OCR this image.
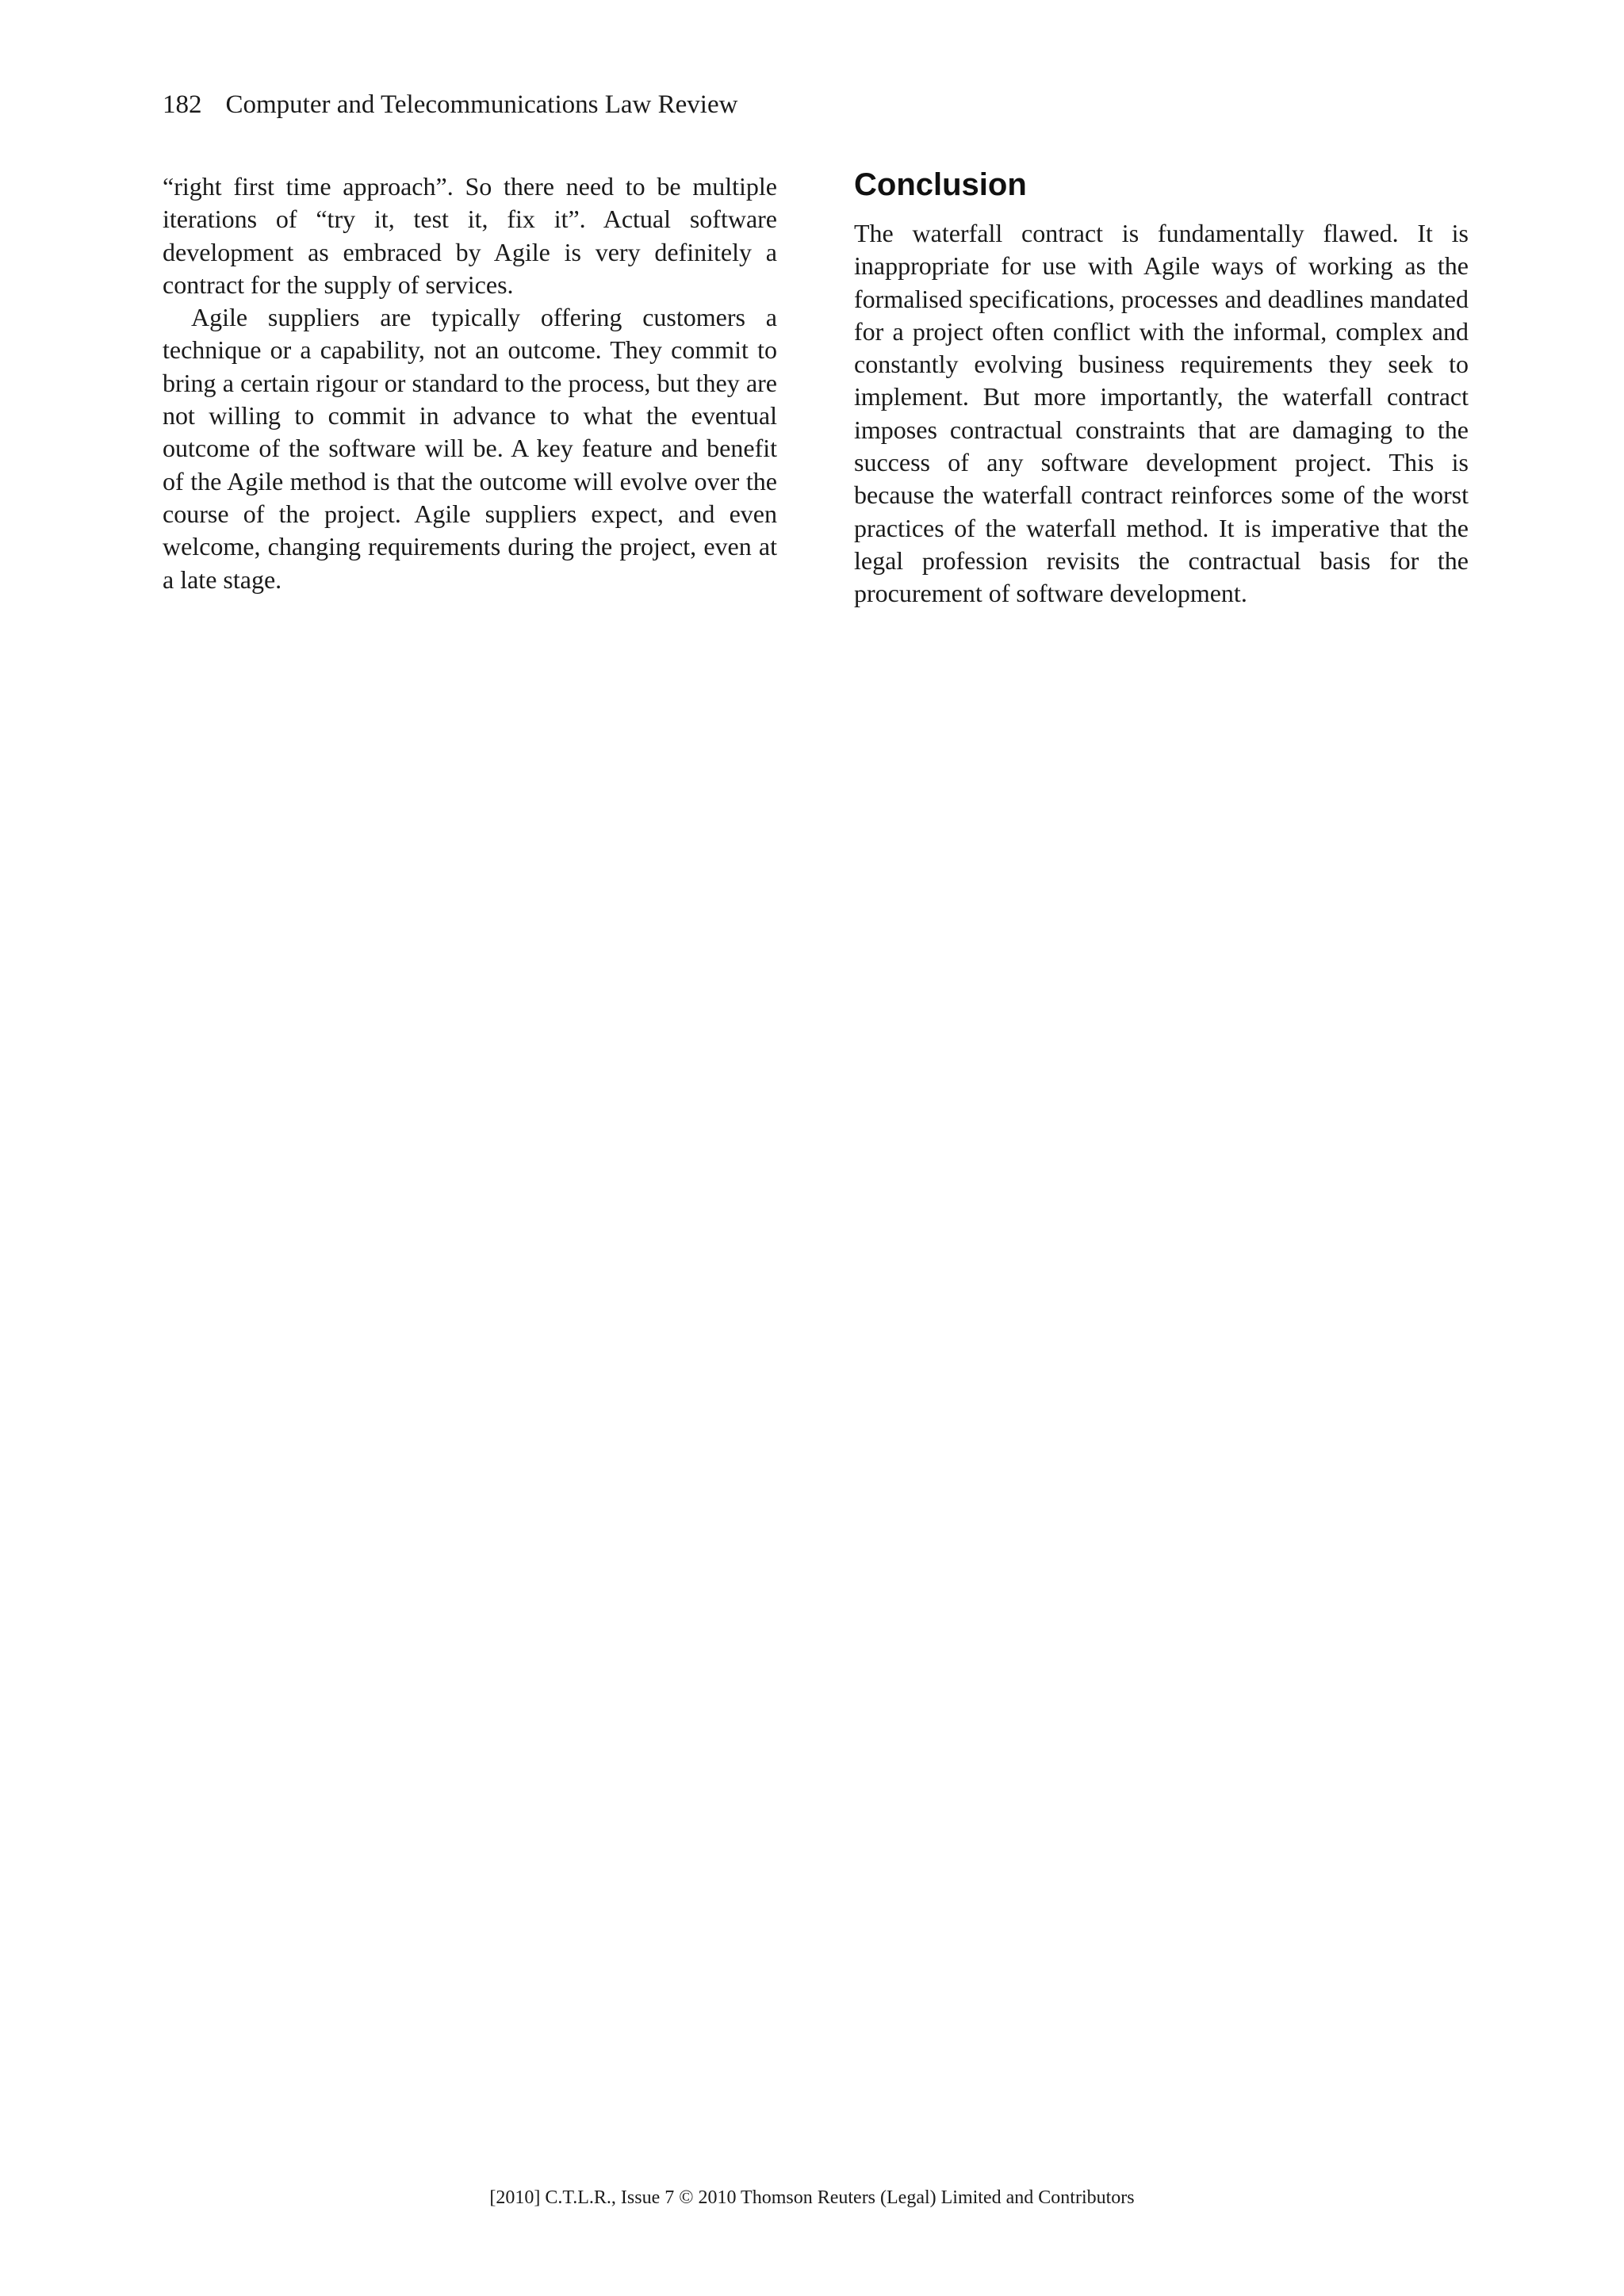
182 Computer and Telecommunications Law Review

“right first time approach”. So there need to be multiple iterations of “try it, test it, fix it”. Actual software development as embraced by Agile is very definitely a contract for the supply of services.

Agile suppliers are typically offering customers a technique or a capability, not an outcome. They commit to bring a certain rigour or standard to the process, but they are not willing to commit in advance to what the eventual outcome of the software will be. A key feature and benefit of the Agile method is that the outcome will evolve over the course of the project. Agile suppliers expect, and even welcome, changing requirements during the project, even at a late stage.

Conclusion

The waterfall contract is fundamentally flawed. It is inappropriate for use with Agile ways of working as the formalised specifications, processes and deadlines mandated for a project often conflict with the informal, complex and constantly evolving business requirements they seek to implement. But more importantly, the waterfall contract imposes contractual constraints that are damaging to the success of any software development project. This is because the waterfall contract reinforces some of the worst practices of the waterfall method. It is imperative that the legal profession revisits the contractual basis for the procurement of software development.

[2010] C.T.L.R., Issue 7 © 2010 Thomson Reuters (Legal) Limited and Contributors
